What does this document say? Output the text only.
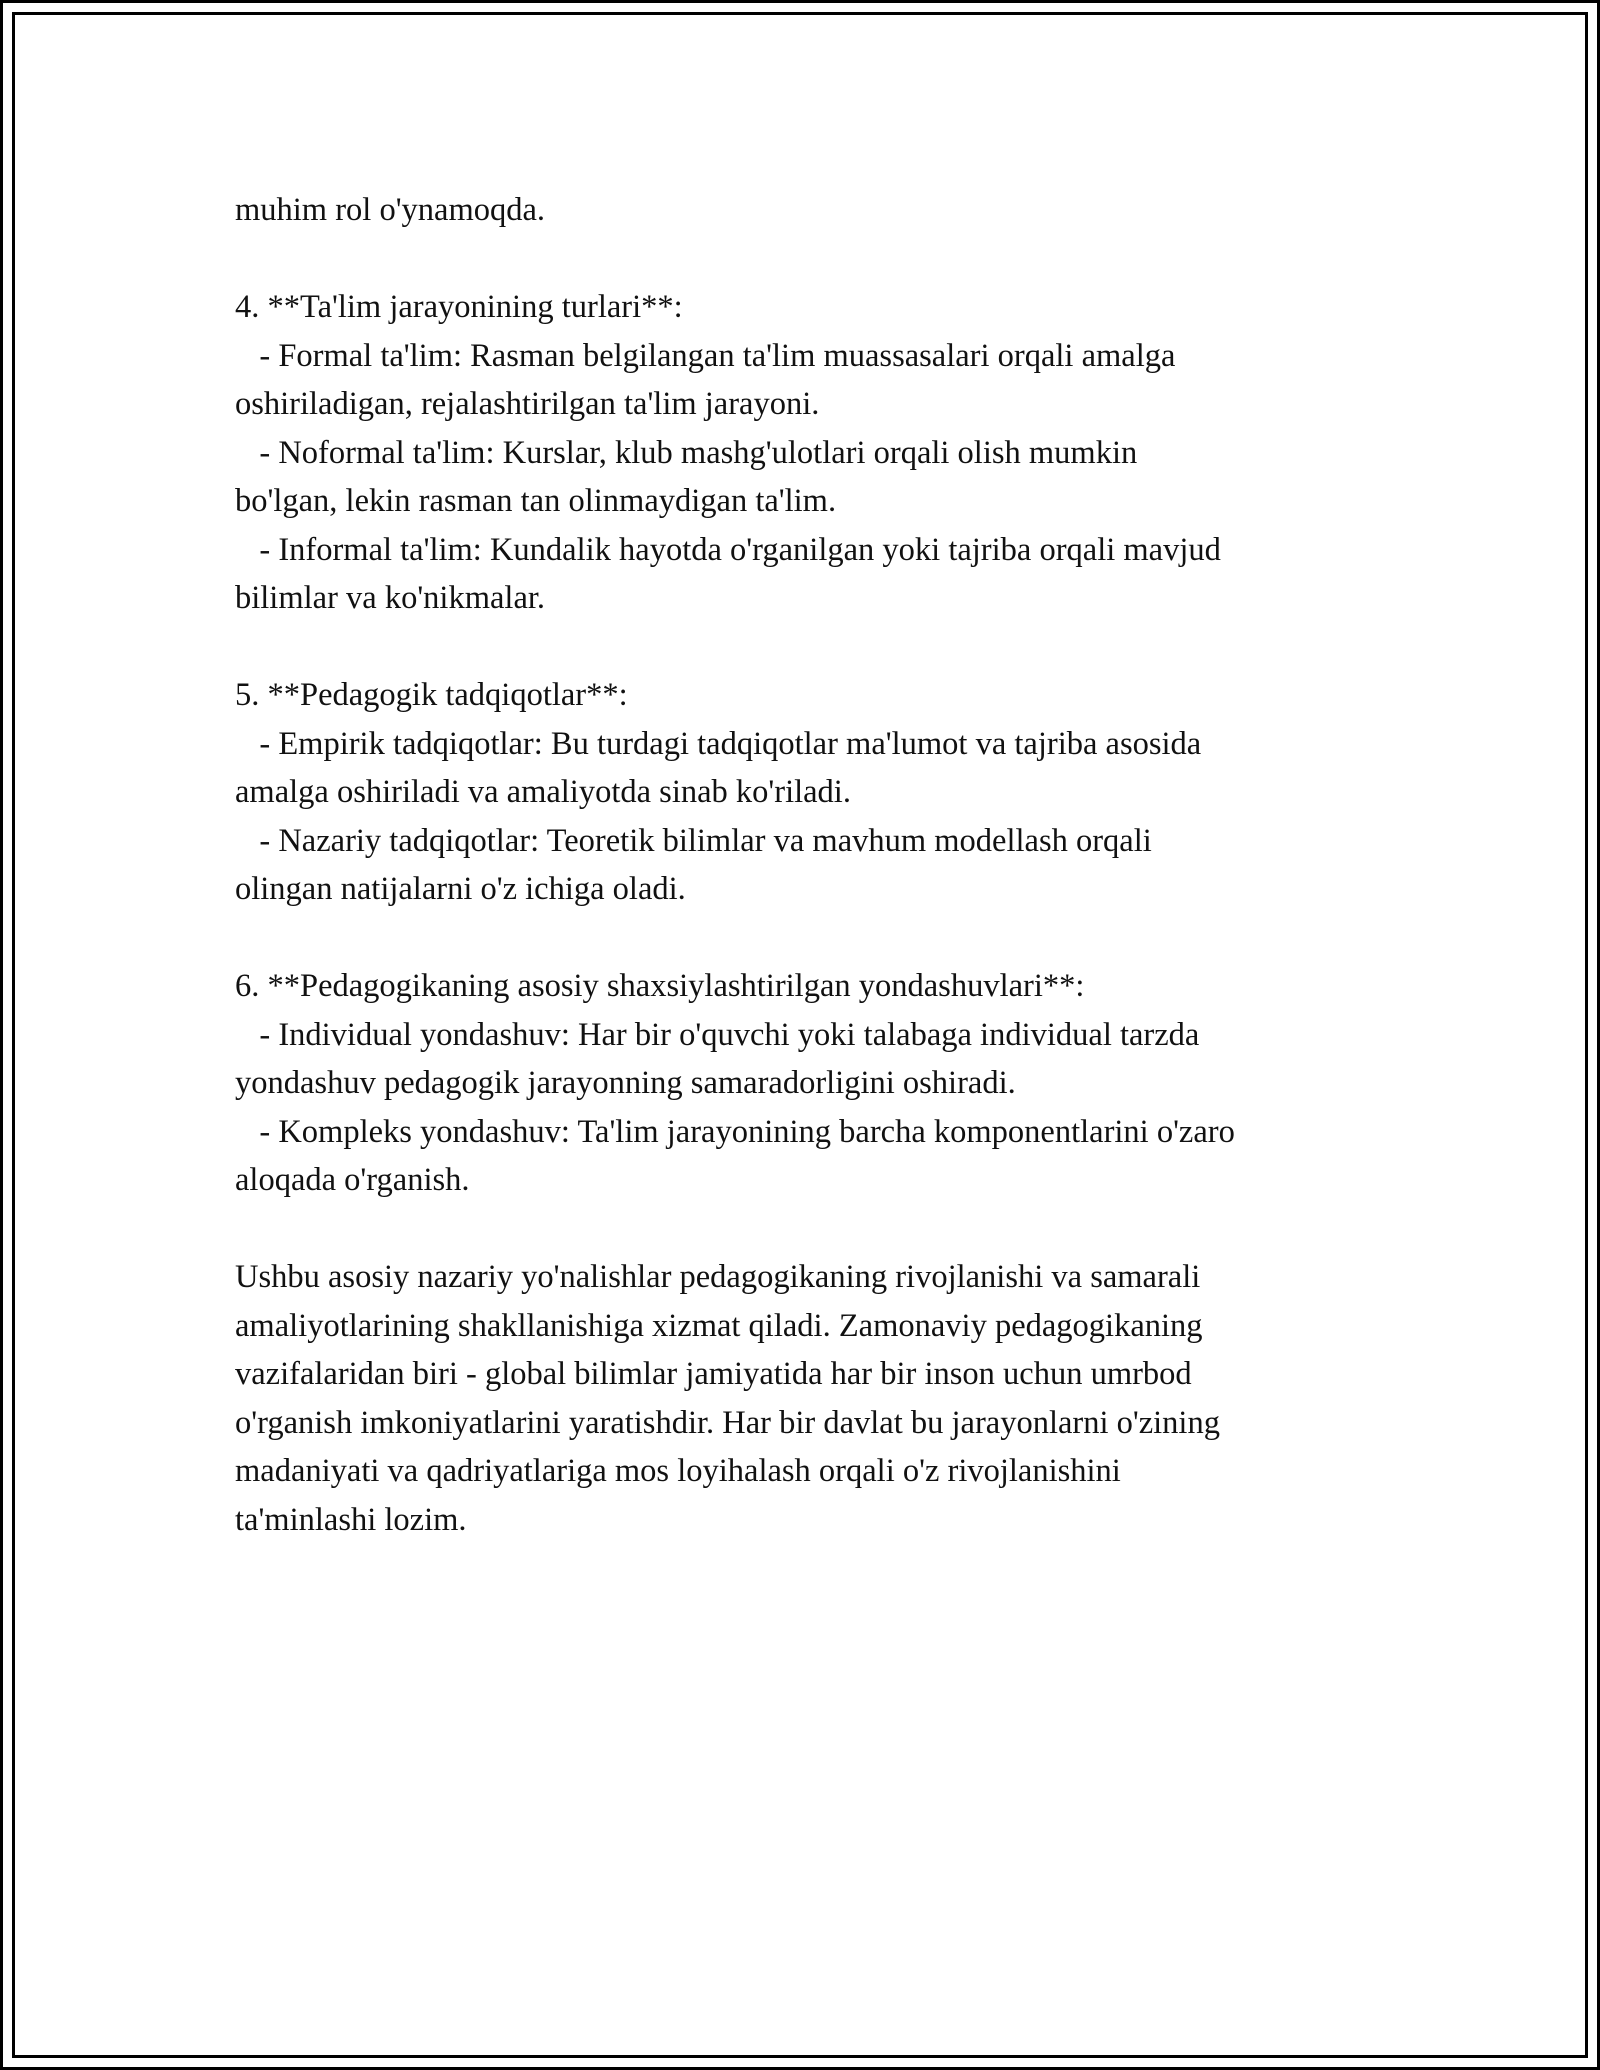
muhim rol o'ynamoqda.
4. **Ta'lim jarayonining turlari**:
- Formal ta'lim: Rasman belgilangan ta'lim muassasalari orqali amalga
oshiriladigan, rejalashtirilgan ta'lim jarayoni.
- Noformal ta'lim: Kurslar, klub mashg'ulotlari orqali olish mumkin
bo'lgan, lekin rasman tan olinmaydigan ta'lim.
- Informal ta'lim: Kundalik hayotda o'rganilgan yoki tajriba orqali mavjud
bilimlar va ko'nikmalar.
5. **Pedagogik tadqiqotlar**:
- Empirik tadqiqotlar: Bu turdagi tadqiqotlar ma'lumot va tajriba asosida
amalga oshiriladi va amaliyotda sinab ko'riladi.
- Nazariy tadqiqotlar: Teoretik bilimlar va mavhum modellash orqali
olingan natijalarni o'z ichiga oladi.
6. **Pedagogikaning asosiy shaxsiylashtirilgan yondashuvlari**:
- Individual yondashuv: Har bir o'quvchi yoki talabaga individual tarzda
yondashuv pedagogik jarayonning samaradorligini oshiradi.
- Kompleks yondashuv: Ta'lim jarayonining barcha komponentlarini o'zaro
aloqada o'rganish.
Ushbu asosiy nazariy yo'nalishlar pedagogikaning rivojlanishi va samarali
amaliyotlarining shakllanishiga xizmat qiladi. Zamonaviy pedagogikaning
vazifalaridan biri - global bilimlar jamiyatida har bir inson uchun umrbod
o'rganish imkoniyatlarini yaratishdir. Har bir davlat bu jarayonlarni o'zining
madaniyati va qadriyatlariga mos loyihalash orqali o'z rivojlanishini
ta'minlashi lozim.
